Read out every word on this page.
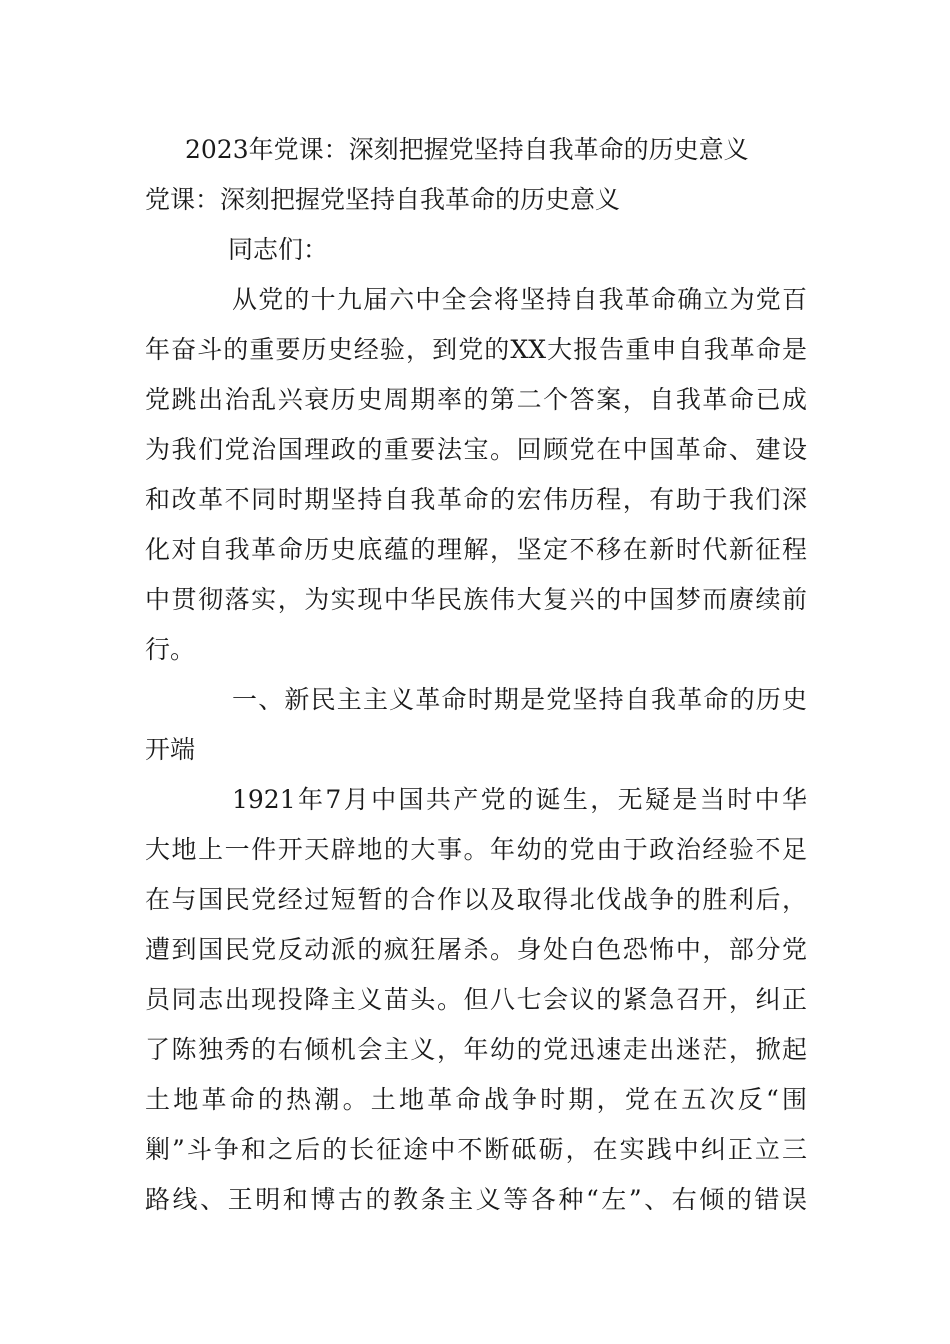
2023年党课：深刻把握党坚持自我革命的历史意义
党课：深刻把握党坚持自我革命的历史意义
同志们：
从党的十九届六中全会将坚持自我革命确立为党百
年奋斗的重要历史经验，到党的XX大报告重申自我革命是
党跳出治乱兴衰历史周期率的第二个答案，自我革命已成
为我们党治国理政的重要法宝。回顾党在中国革命、建设
和改革不同时期坚持自我革命的宏伟历程，有助于我们深
化对自我革命历史底蕴的理解，坚定不移在新时代新征程
中贯彻落实，为实现中华民族伟大复兴的中国梦而赓续前
行。
一、新民主主义革命时期是党坚持自我革命的历史
开端
1921年7月中国共产党的诞生，无疑是当时中华
大地上一件开天辟地的大事。年幼的党由于政治经验不足
在与国民党经过短暂的合作以及取得北伐战争的胜利后，
遭到国民党反动派的疯狂屠杀。身处白色恐怖中，部分党
员同志出现投降主义苗头。但八七会议的紧急召开，纠正
了陈独秀的右倾机会主义，年幼的党迅速走出迷茫，掀起
土地革命的热潮。土地革命战争时期，党在五次反“围
剿”斗争和之后的长征途中不断砥砺，在实践中纠正立三
路线、王明和博古的教条主义等各种“左”、右倾的错误
